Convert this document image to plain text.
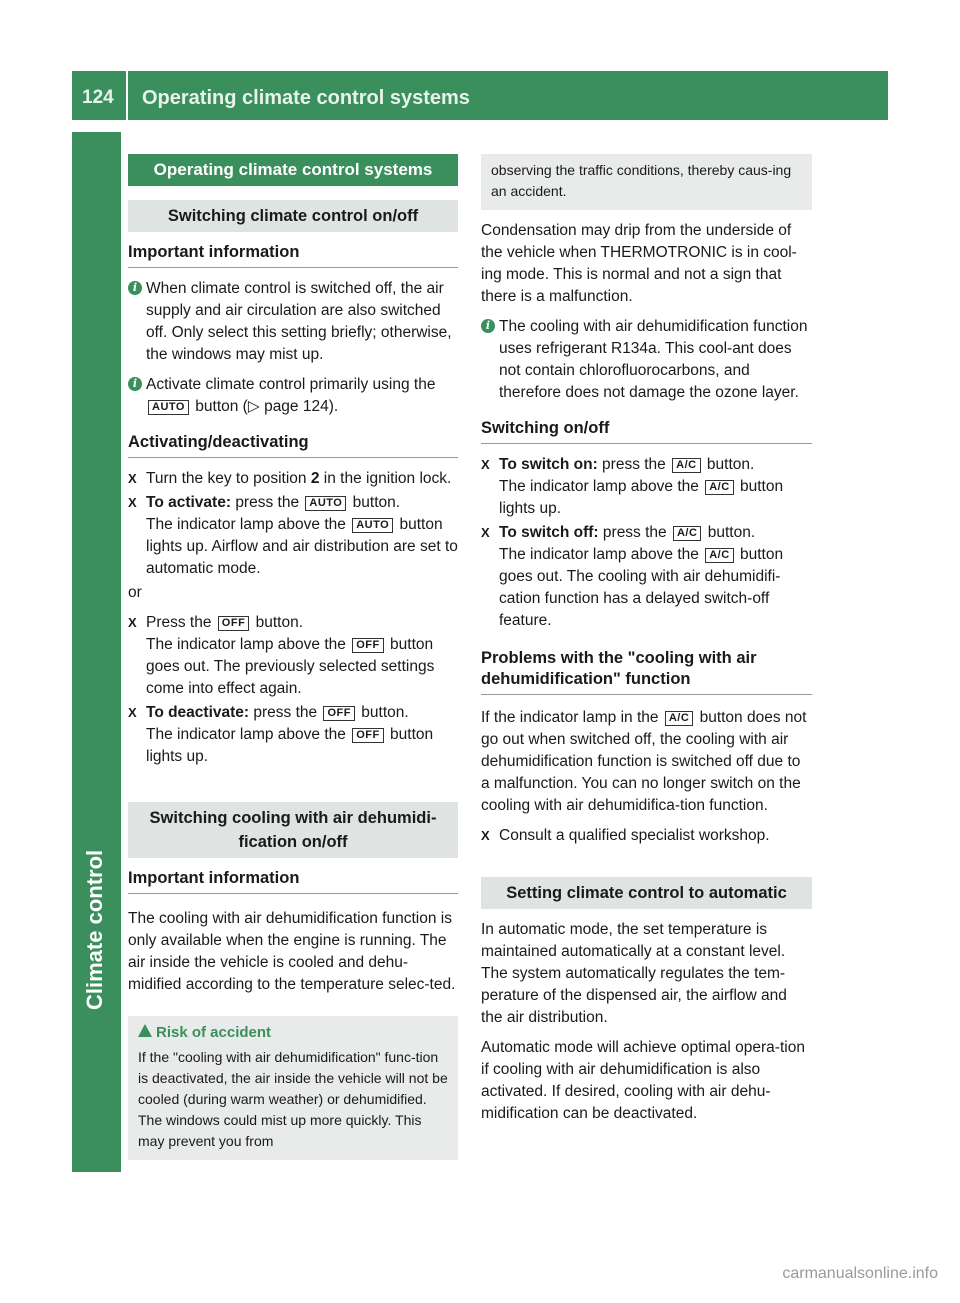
124 Operating climate control systems
Climate control
Operating climate control systems
Switching climate control on/off
Important information
i When climate control is switched off, the air supply and air circulation are also switched off. Only select this setting briefly; otherwise, the windows may mist up.
i Activate climate control primarily using the AUTO button (▷ page 124).
Activating/deactivating
X Turn the key to position 2 in the ignition lock.
X To activate: press the AUTO button.
The indicator lamp above the AUTO button lights up. Airflow and air distribution are set to automatic mode.
or
X Press the OFF button.
The indicator lamp above the OFF button goes out. The previously selected settings come into effect again.
X To deactivate: press the OFF button.
The indicator lamp above the OFF button lights up.
Switching cooling with air dehumidi-fication on/off
Important information
The cooling with air dehumidification function is only available when the engine is running. The air inside the vehicle is cooled and dehu-midified according to the temperature selec-ted.
Risk of accident
If the "cooling with air dehumidification" func-tion is deactivated, the air inside the vehicle will not be cooled (during warm weather) or dehumidified. The windows could mist up more quickly. This may prevent you from
observing the traffic conditions, thereby caus-ing an accident.
Condensation may drip from the underside of the vehicle when THERMOTRONIC is in cool-ing mode. This is normal and not a sign that there is a malfunction.
i The cooling with air dehumidification function uses refrigerant R134a. This cool-ant does not contain chlorofluorocarbons, and therefore does not damage the ozone layer.
Switching on/off
X To switch on: press the A/C button.
The indicator lamp above the A/C button lights up.
X To switch off: press the A/C button.
The indicator lamp above the A/C button goes out. The cooling with air dehumidifi-cation function has a delayed switch-off feature.
Problems with the "cooling with air dehumidification" function
If the indicator lamp in the A/C button does not go out when switched off, the cooling with air dehumidification function is switched off due to a malfunction. You can no longer switch on the cooling with air dehumidifica-tion function.
X Consult a qualified specialist workshop.
Setting climate control to automatic
In automatic mode, the set temperature is maintained automatically at a constant level. The system automatically regulates the tem-perature of the dispensed air, the airflow and the air distribution.
Automatic mode will achieve optimal opera-tion if cooling with air dehumidification is also activated. If desired, cooling with air dehu-midification can be deactivated.
carmanualsonline.info
